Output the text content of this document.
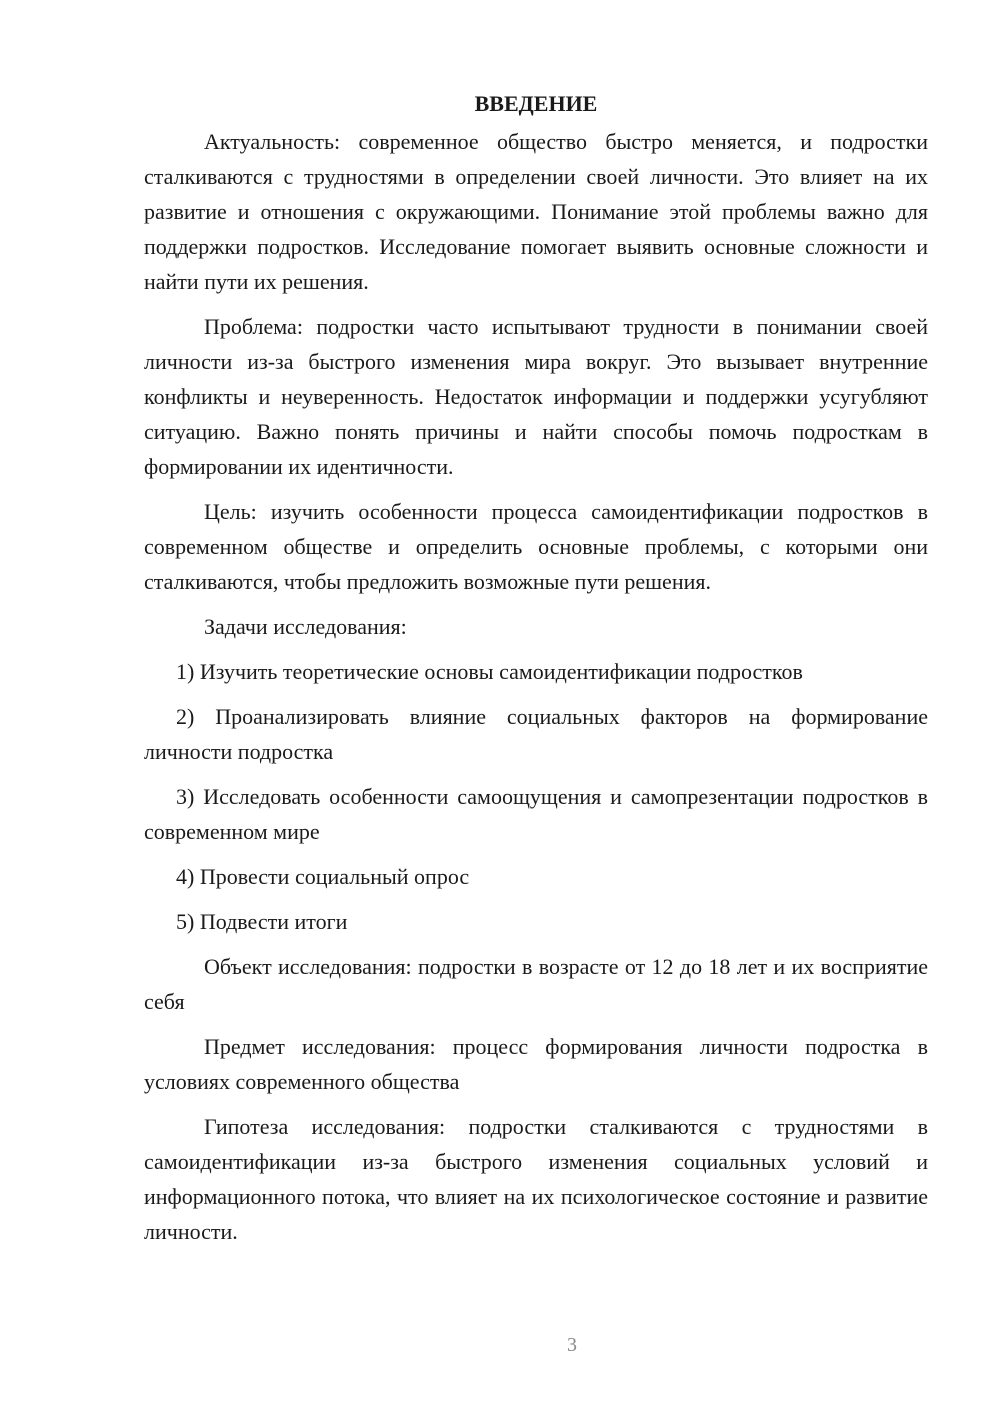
ВВЕДЕНИЕ

Актуальность: современное общество быстро меняется, и подростки сталкиваются с трудностями в определении своей личности. Это влияет на их развитие и отношения с окружающими. Понимание этой проблемы важно для поддержки подростков. Исследование помогает выявить основные сложности и найти пути их решения.

Проблема: подростки часто испытывают трудности в понимании своей личности из-за быстрого изменения мира вокруг. Это вызывает внутренние конфликты и неуверенность. Недостаток информации и поддержки усугубляют ситуацию. Важно понять причины и найти способы помочь подросткам в формировании их идентичности.

Цель: изучить особенности процесса самоидентификации подростков в современном обществе и определить основные проблемы, с которыми они сталкиваются, чтобы предложить возможные пути решения.

Задачи исследования:

1) Изучить теоретические основы самоидентификации подростков

2) Проанализировать влияние социальных факторов на формирование личности подростка

3) Исследовать особенности самоощущения и самопрезентации подростков в современном мире

4) Провести социальный опрос

5) Подвести итоги

Объект исследования: подростки в возрасте от 12 до 18 лет и их восприятие себя

Предмет исследования: процесс формирования личности подростка в условиях современного общества

Гипотеза исследования: подростки сталкиваются с трудностями в самоидентификации из-за быстрого изменения социальных условий и информационного потока, что влияет на их психологическое состояние и развитие личности.

3
